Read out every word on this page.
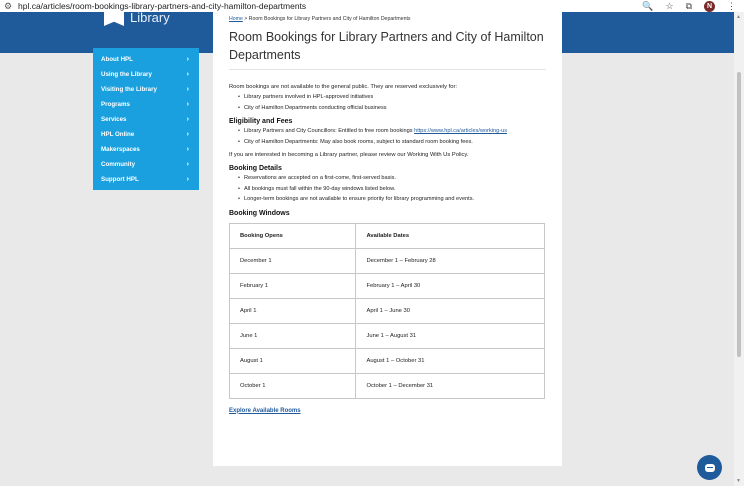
⚙ hpl.ca/articles/room-bookings-library-partners-and-city-hamilton-departments	🔍 ☆ ⧉	N	⋮
Library
About HPL	›
Using the Library	›
Visiting the Library	›
Programs	›
Services	›
HPL Online	›
Makerspaces	›
Community	›
Support HPL	›
Home > Room Bookings for Library Partners and City of Hamilton Departments
Room Bookings for Library Partners and City of Hamilton Departments

Room bookings are not available to the general public. They are reserved exclusively for:

• Library partners involved in HPL-approved initiatives
• City of Hamilton Departments conducting official business
Eligibility and Fees
• Library Partners and City Councillors: Entitled to free room bookings https://www.hpl.ca/articles/working-us
• City of Hamilton Departments: May also book rooms, subject to standard room booking fees.

If you are interested in becoming a Library partner, please review our Working With Us Policy.

Booking Details
• Reservations are accepted on a first-come, first-served basis.
• All bookings must fall within the 90-day windows listed below.
• Longer-term bookings are not available to ensure priority for library programming and events.
Booking Windows
Booking Opens	Available Dates
December 1	December 1 – February 28
February 1	February 1 – April 30
April 1	April 1 – June 30
June 1	June 1 – August 31
August 1	August 1 – October 31
October 1	October 1 – December 31
Explore Available Rooms
▲
▼
